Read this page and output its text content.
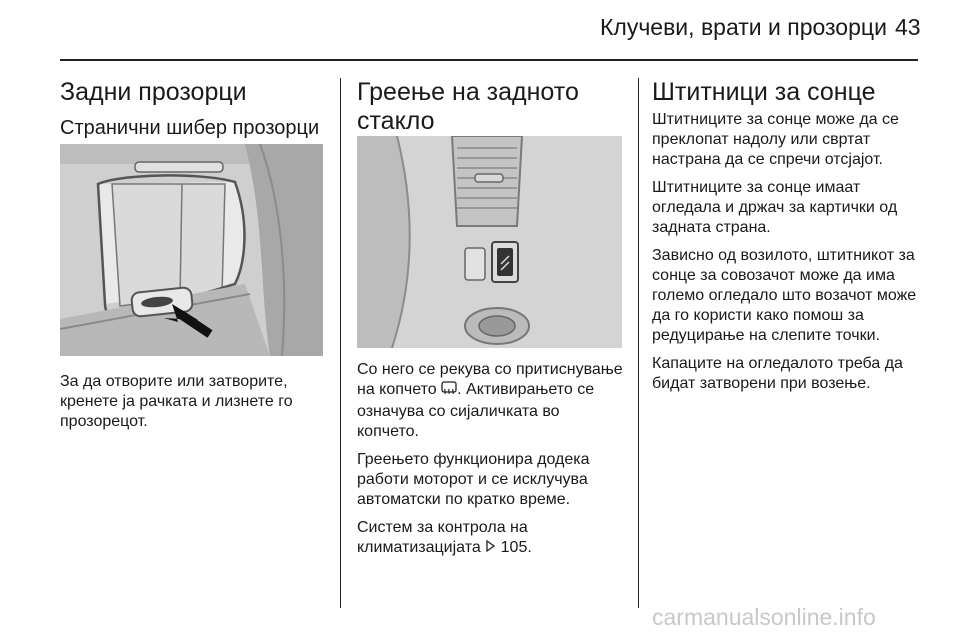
Клучеви, врати и прозорци 43
Задни прозорци
Странични шибер прозорци

За да отворите или затворите,

кренете ја рачката и лизнете го

прозорецот.

Греење на задното
стакло

Со него се рекува со притиснување

на копчето . Активирањето се

означува со сијаличката во

копчето.

Греењето функционира додека

работи моторот и се исклучува

автоматски по кратко време.

Систем за контрола на

климатизацијата 105.

Штитници за сонце

Штитниците за сонце може да се

преклопат надолу или свртат

настрана да се спречи отсјајот.

Штитниците за сонце имаат

огледала и држач за картички од

задната страна.

Зависно од возилото, штитникот за

сонце за совозачот може да има

големо огледало што возачот може

да го користи како помош за

редуцирање на слепите точки.

Капаците на огледалото треба да

бидат затворени при возење.

carmanualsonline.info
